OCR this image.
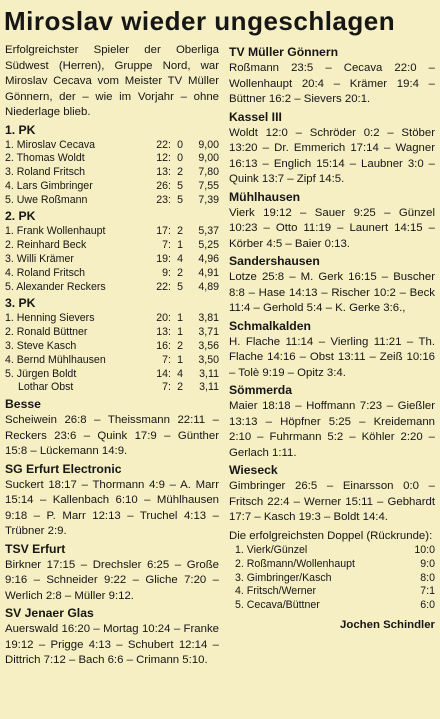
Miroslav wieder ungeschlagen

Erfolgreichster Spieler der Oberliga Südwest (Herren), Gruppe Nord, war Miroslav Cecava vom Meister TV Müller Gönnern, der – wie im Vorjahr – ohne Niederlage blieb.

1. PK
1. Miroslav Cecava	22: 0	9,00
2. Thomas Woldt	12: 0	9,00
3. Roland Fritsch	13: 2	7,80
4. Lars Gimbringer	26: 5	7,55
5. Uwe Roßmann	23: 5	7,39
2. PK
1. Frank Wollenhaupt	17: 2	5,37
2. Reinhard Beck	7: 1	5,25
3. Willi Krämer	19: 4	4,96
4. Roland Fritsch	9: 2	4,91
5. Alexander Reckers	22: 5	4,89
3. PK
1. Henning Sievers	20: 1	3,81
2. Ronald Büttner	13: 1	3,71
3. Steve Kasch	16: 2	3,56
4. Bernd Mühlhausen	7: 1	3,50
5. Jürgen Boldt	14: 4	3,11
Lothar Obst	7: 2	3,11
Besse

Scheiwein 26:8 – Theissmann 22:11 – Reckers 23:6 – Quink 17:9 – Günther 15:8 – Lückemann 14:9.

SG Erfurt Electronic

Suckert 18:17 – Thormann 4:9 – A. Marr 15:14 – Kallenbach 6:10 – Mühlhausen 9:18 – P. Marr 12:13 – Truchel 4:13 – Trübner 2:9.

TSV Erfurt

Birkner 17:15 – Drechsler 6:25 – Große 9:16 – Schneider 9:22 – Gliche 7:20 – Werlich 2:8 – Müller 9:12.

SV Jenaer Glas

Auerswald 16:20 – Mortag 10:24 – Franke 19:12 – Prigge 4:13 – Schubert 12:14 – Dittrich 7:12 – Bach 6:6 – Crimann 5:10.

TV Müller Gönnern

Roßmann 23:5 – Cecava 22:0 – Wollenhaupt 20:4 – Krämer 19:4 – Büttner 16:2 – Sievers 20:1.

Kassel III

Woldt 12:0 – Schröder 0:2 – Stöber 13:20 – Dr. Emmerich 17:14 – Wagner 16:13 – Englich 15:14 – Laubner 3:0 – Quink 13:7 – Zipf 14:5.

Mühlhausen

Vierk 19:12 – Sauer 9:25 – Günzel 10:23 – Otto 11:19 – Launert 14:15 – Körber 4:5 – Baier 0:13.

Sandershausen

Lotze 25:8 – M. Gerk 16:15 – Buscher 8:8 – Hase 14:13 – Rischer 10:2 – Beck 11:4 – Gerhold 5:4 – K. Gerke 3:6.,

Schmalkalden

H. Flache 11:14 – Vierling 11:21 – Th. Flache 14:16 – Obst 13:11 – Zeiß 10:16 – Tolè 9:19 – Opitz 3:4.

Sömmerda

Maier 18:18 – Hoffmann 7:23 – Gießler 13:13 – Höpfner 5:25 – Kreidemann 2:10 – Fuhrmann 5:2 – Köhler 2:20 – Gerlach 1:11.

Wieseck

Gimbringer 26:5 – Einarsson 0:0 – Fritsch 22:4 – Werner 15:11 – Gebhardt 17:7 – Kasch 19:3 – Boldt 14:4.

Die erfolgreichsten Doppel (Rückrunde):

1. Vierk/Günzel	10:0
2. Roßmann/Wollenhaupt	9:0
3. Gimbringer/Kasch	8:0
4. Fritsch/Werner	7:1
5. Cecava/Büttner	6:0

Jochen Schindler
